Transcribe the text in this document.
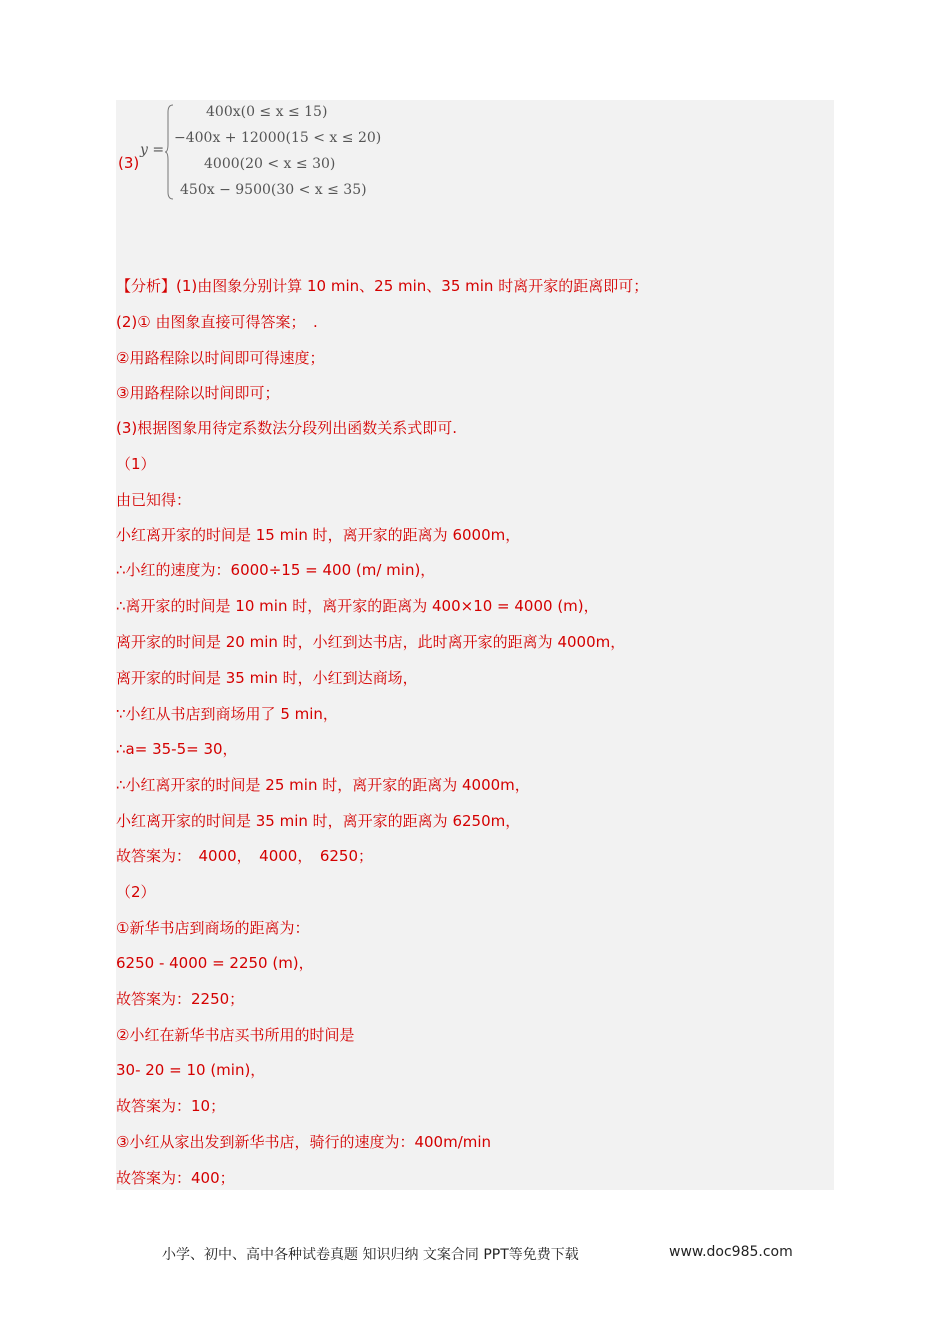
(3)
y =
400x(0 ≤ x ≤ 15)
−400x + 12000(15 < x ≤ 20)
4000(20 < x ≤ 30)
450x − 9500(30 < x ≤ 35)
【分析】(1)由图象分别计算 10 min、25 min、35 min 时离开家的距离即可；
(2)① 由图象直接可得答案；　.
②用路程除以时间即可得速度；
③用路程除以时间即可；
(3)根据图象用待定系数法分段列出函数关系式即可.
（1）
由已知得：
小红离开家的时间是 15 min 时，离开家的距离为 6000m，
∴小红的速度为：6000÷15 = 400 (m/ min)，
∴离开家的时间是 10 min 时，离开家的距离为 400×10 = 4000 (m)，
离开家的时间是 20 min 时，小红到达书店，此时离开家的距离为 4000m，
离开家的时间是 35 min 时，小红到达商场，
∵小红从书店到商场用了 5 min，
∴a= 35-5= 30，
∴小红离开家的时间是 25 min 时，离开家的距离为 4000m，
小红离开家的时间是 35 min 时，离开家的距离为 6250m，
故答案为：　4000，　4000，　6250；
（2）
①新华书店到商场的距离为：
6250 - 4000 = 2250 (m)，
故答案为：2250；
②小红在新华书店买书所用的时间是
30- 20 = 10 (min)，
故答案为：10；
③小红从家出发到新华书店，骑行的速度为：400m/min
故答案为：400；
小学、初中、高中各种试卷真题 知识归纳 文案合同 PPT等免费下载	www.doc985.com
